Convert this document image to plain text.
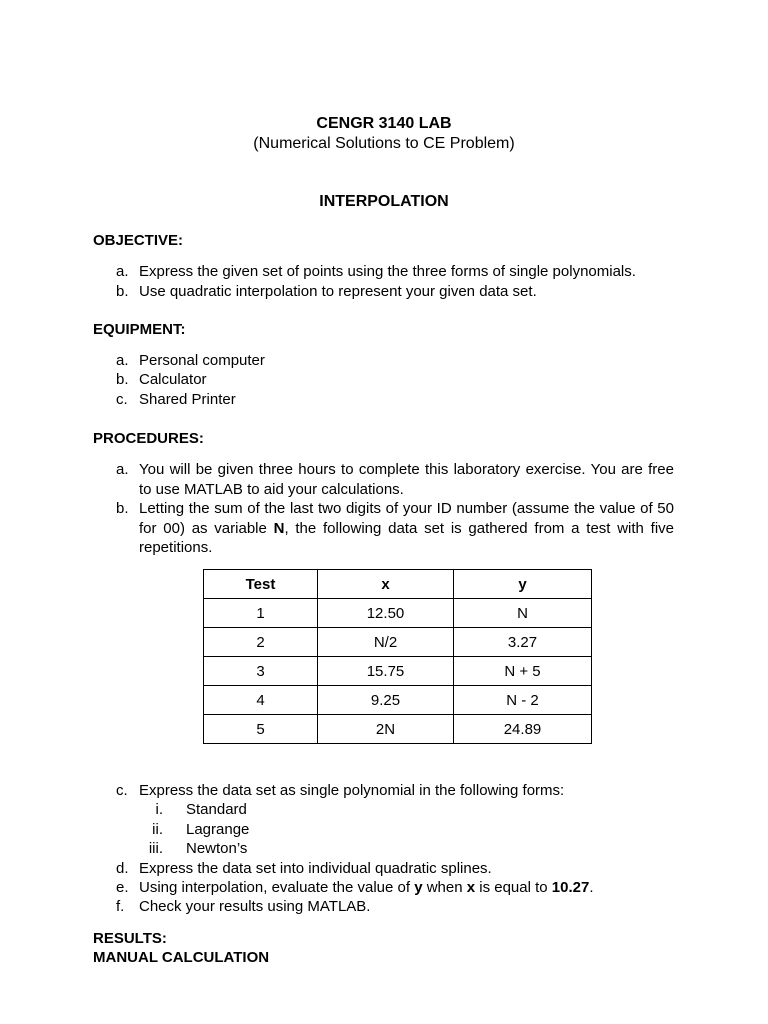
CENGR 3140 LAB
(Numerical Solutions to CE Problem)
INTERPOLATION
OBJECTIVE:
a. Express the given set of points using the three forms of single polynomials.
b. Use quadratic interpolation to represent your given data set.
EQUIPMENT:
a. Personal computer
b. Calculator
c. Shared Printer
PROCEDURES:
a. You will be given three hours to complete this laboratory exercise. You are free to use MATLAB to aid your calculations.
b. Letting the sum of the last two digits of your ID number (assume the value of 50 for 00) as variable N, the following data set is gathered from a test with five repetitions.
Test	x	y
1	12.50	N
2	N/2	3.27
3	15.75	N + 5
4	9.25	N - 2
5	2N	24.89
c. Express the data set as single polynomial in the following forms:
i. Standard
ii. Lagrange
iii. Newton’s
d. Express the data set into individual quadratic splines.
e. Using interpolation, evaluate the value of y when x is equal to 10.27.
f. Check your results using MATLAB.
RESULTS:
MANUAL CALCULATION
